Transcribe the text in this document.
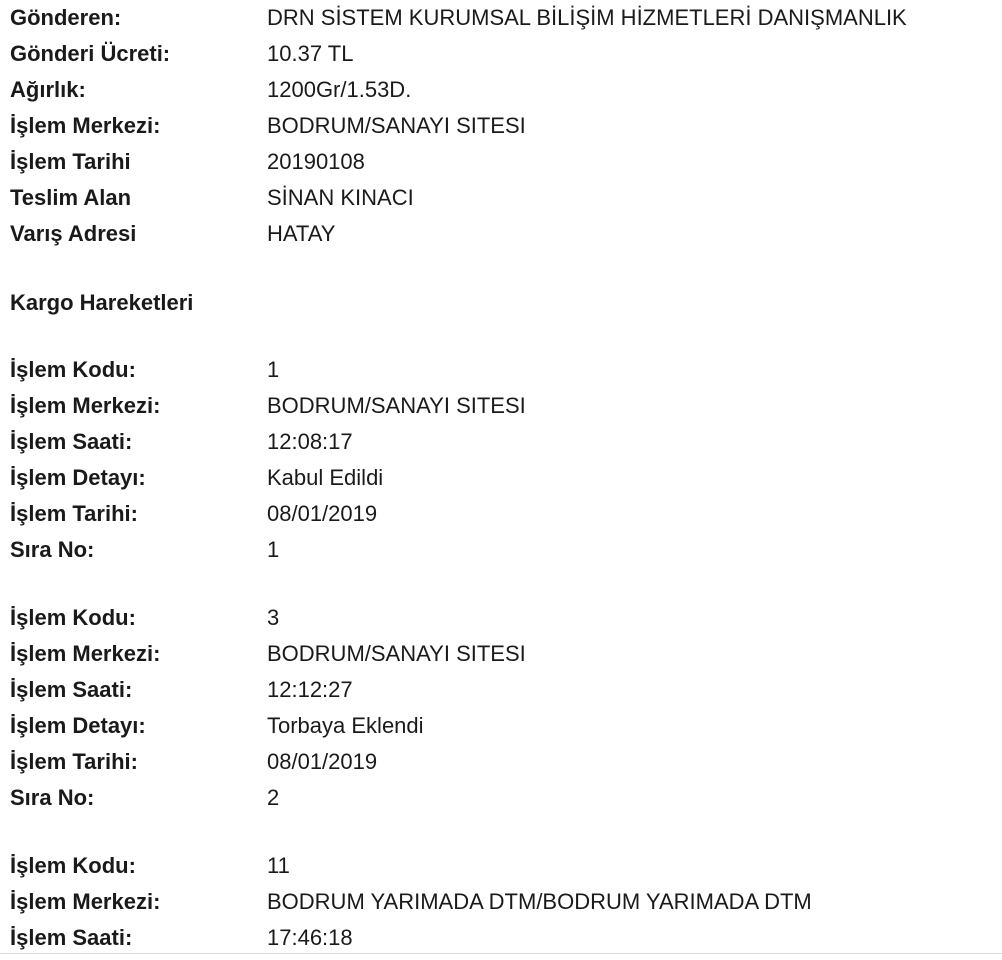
Gönderen:	DRN SİSTEM KURUMSAL BİLİŞİM HİZMETLERİ DANIŞMANLIK
Gönderi Ücreti:	10.37 TL
Ağırlık:	1200Gr/1.53D.
İşlem Merkezi:	BODRUM/SANAYI SITESI
İşlem Tarihi	20190108
Teslim Alan	SİNAN KINACI
Varış Adresi	HATAY
Kargo Hareketleri
İşlem Kodu:	1
İşlem Merkezi:	BODRUM/SANAYI SITESI
İşlem Saati:	12:08:17
İşlem Detayı:	Kabul Edildi
İşlem Tarihi:	08/01/2019
Sıra No:	1
İşlem Kodu:	3
İşlem Merkezi:	BODRUM/SANAYI SITESI
İşlem Saati:	12:12:27
İşlem Detayı:	Torbaya Eklendi
İşlem Tarihi:	08/01/2019
Sıra No:	2
İşlem Kodu:	11
İşlem Merkezi:	BODRUM YARIMADA DTM/BODRUM YARIMADA DTM
İşlem Saati:	17:46:18
